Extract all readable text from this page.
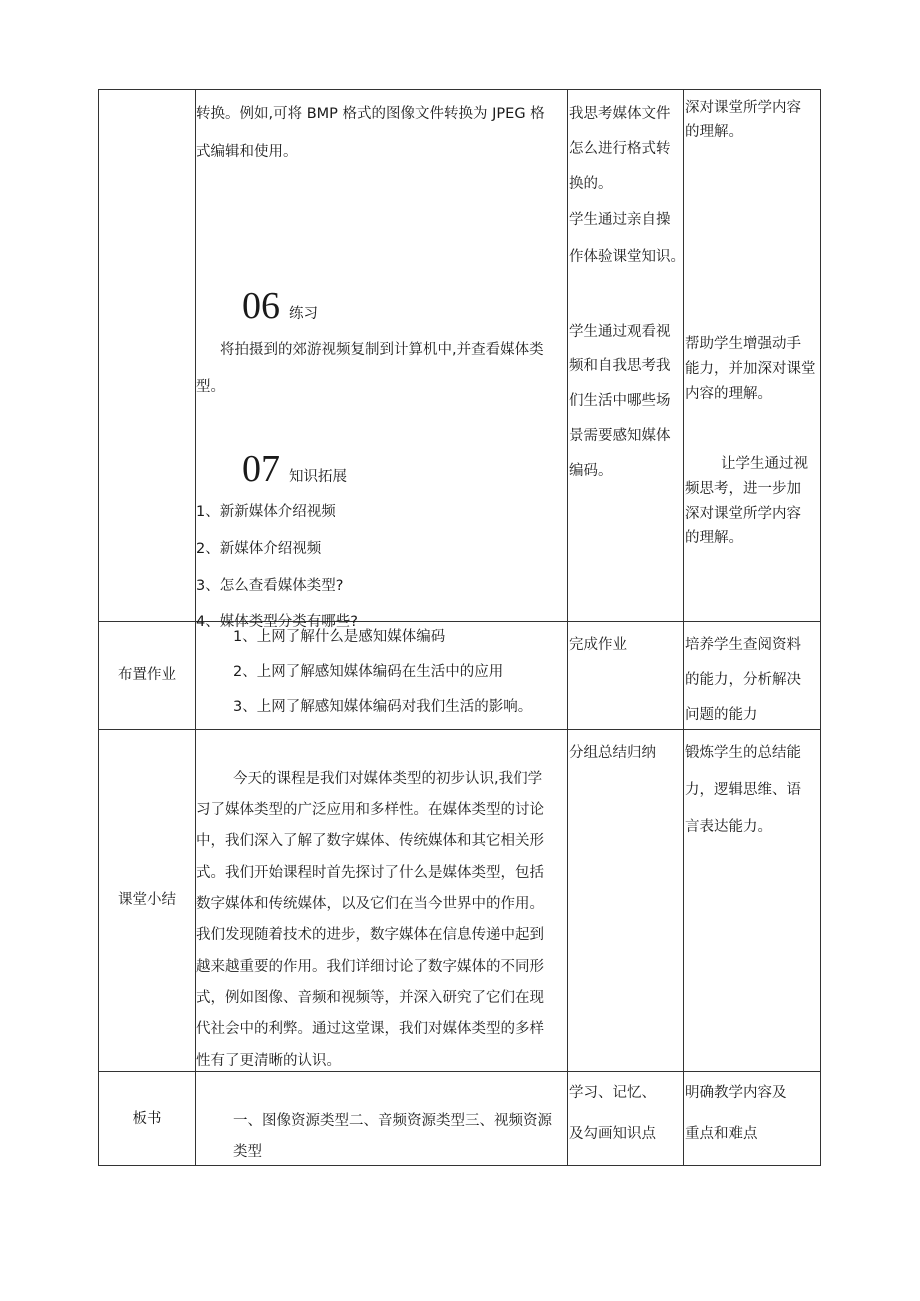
转换。例如,可将 BMP 格式的图像文件转换为 JPEG 格
式编辑和使用。
06 练习
将拍摄到的郊游视频复制到计算机中,并查看媒体类
型。
07 知识拓展
1、新新媒体介绍视频
2、新媒体介绍视频
3、怎么查看媒体类型?
4、媒体类型分类有哪些?
我思考媒体文件
怎么进行格式转
换的。
学生通过亲自操
作体验课堂知识。
学生通过观看视
频和自我思考我
们生活中哪些场
景需要感知媒体
编码。
深对课堂所学内容
的理解。
帮助学生增强动手
能力，并加深对课堂
内容的理解。
让学生通过视
频思考，进一步加
深对课堂所学内容
的理解。
布置作业
1、上网了解什么是感知媒体编码
2、上网了解感知媒体编码在生活中的应用
3、上网了解感知媒体编码对我们生活的影响。
完成作业	培养学生查阅资料
的能力，分析解决
问题的能力
课堂小结
今天的课程是我们对媒体类型的初步认识,我们学
习了媒体类型的广泛应用和多样性。在媒体类型的讨论
中，我们深入了解了数字媒体、传统媒体和其它相关形
式。我们开始课程时首先探讨了什么是媒体类型，包括
数字媒体和传统媒体，以及它们在当今世界中的作用。
我们发现随着技术的进步，数字媒体在信息传递中起到
越来越重要的作用。我们详细讨论了数字媒体的不同形
式，例如图像、音频和视频等，并深入研究了它们在现
代社会中的利弊。通过这堂课，我们对媒体类型的多样
性有了更清晰的认识。
分组总结归纳 锻炼学生的总结能
力，逻辑思维、语
言表达能力。
板书	一、图像资源类型二、音频资源类型三、视频资源
类型
学习、记忆、
及勾画知识点
明确教学内容及
重点和难点
